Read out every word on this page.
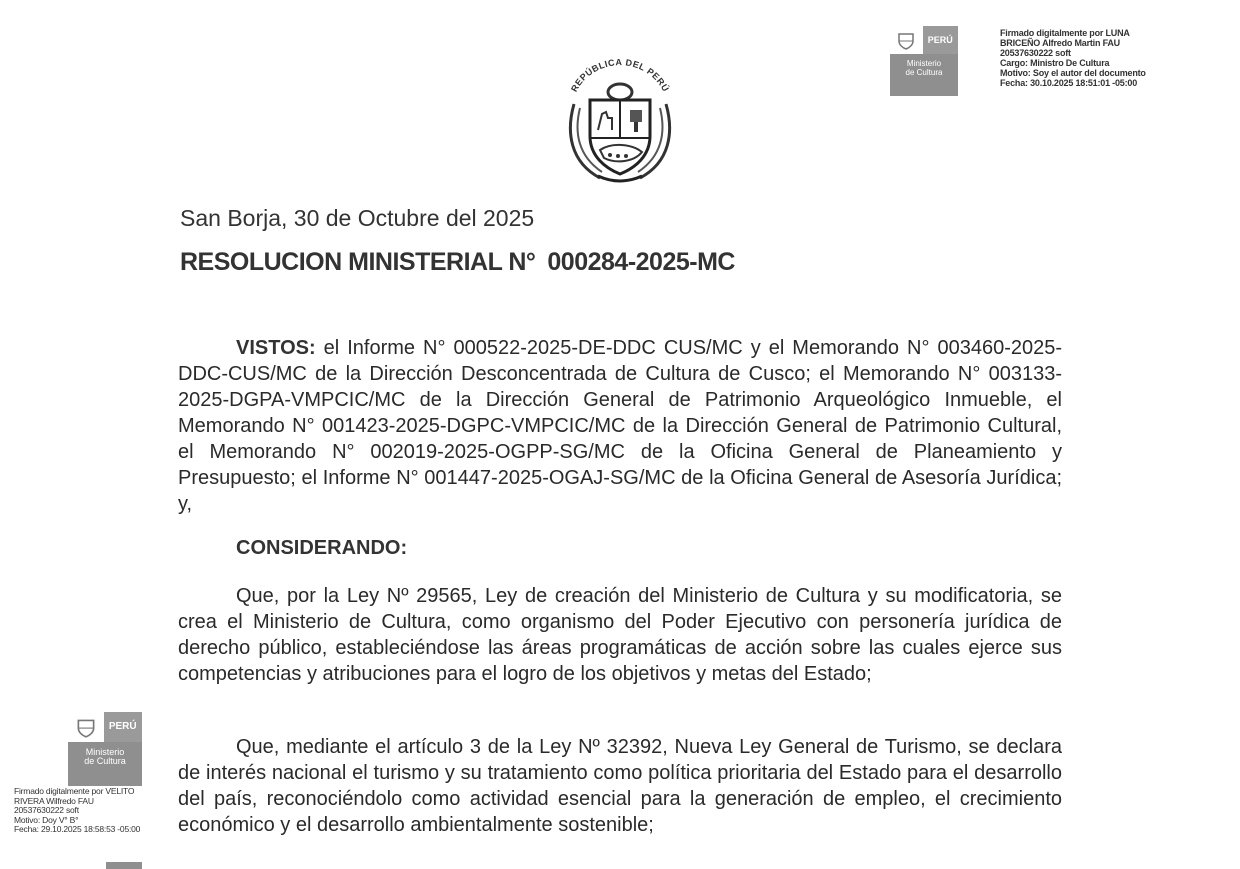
REPÚBLICA DEL PERÚ
PERÚ
Ministerio
de Cultura
Firmado digitalmente por LUNA
BRICEÑO Alfredo Martin FAU
20537630222 soft
Cargo: Ministro De Cultura
Motivo: Soy el autor del documento
Fecha: 30.10.2025 18:51:01 -05:00
PERÚ
Ministerio
de Cultura
Firmado digitalmente por VELITO
RIVERA Wilfredo FAU
20537630222 soft
Motivo: Doy V° B°
Fecha: 29.10.2025 18:58:53 -05:00
San Borja, 30 de Octubre del 2025
RESOLUCION MINISTERIAL N° 000284-2025-MC
VISTOS: el Informe N° 000522-2025-DE-DDC CUS/MC y el Memorando N° 003460-2025-DDC-CUS/MC de la Dirección Desconcentrada de Cultura de Cusco; el Memorando N° 003133-2025-DGPA-VMPCIC/MC de la Dirección General de Patrimonio Arqueológico Inmueble, el Memorando N° 001423-2025-DGPC-VMPCIC/MC de la Dirección General de Patrimonio Cultural, el Memorando N° 002019-2025-OGPP-SG/MC de la Oficina General de Planeamiento y Presupuesto; el Informe N° 001447-2025-OGAJ-SG/MC de la Oficina General de Asesoría Jurídica; y,
CONSIDERANDO:
Que, por la Ley Nº 29565, Ley de creación del Ministerio de Cultura y su modificatoria, se crea el Ministerio de Cultura, como organismo del Poder Ejecutivo con personería jurídica de derecho público, estableciéndose las áreas programáticas de acción sobre las cuales ejerce sus competencias y atribuciones para el logro de los objetivos y metas del Estado;
Que, mediante el artículo 3 de la Ley Nº 32392, Nueva Ley General de Turismo, se declara de interés nacional el turismo y su tratamiento como política prioritaria del Estado para el desarrollo del país, reconociéndolo como actividad esencial para la generación de empleo, el crecimiento económico y el desarrollo ambientalmente sostenible;
